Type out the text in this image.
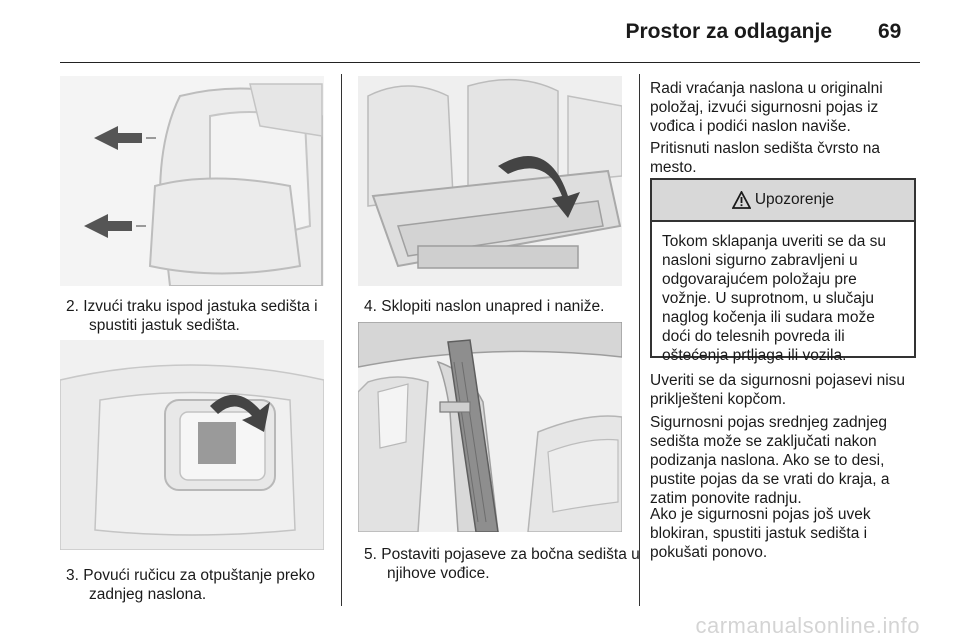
Prostor za odlaganje 69
2. Izvući traku ispod jastuka sedišta i spustiti jastuk sedišta.
3. Povući ručicu za otpuštanje preko zadnjeg naslona.
4. Sklopiti naslon unapred i naniže.
5. Postaviti pojaseve za bočna sedišta u njihove vođice.

Radi vraćanja naslona u originalni položaj, izvući sigurnosni pojas iz vođica i podići naslon naviše.

Pritisnuti naslon sedišta čvrsto na mesto.

Upozorenje
Tokom sklapanja uveriti se da su nasloni sigurno zabravljeni u odgovarajućem položaju pre vožnje. U suprotnom, u slučaju naglog kočenja ili sudara može doći do telesnih povreda ili oštećenja prtljaga ili vozila.

Uveriti se da sigurnosni pojasevi nisu priklješteni kopčom.

Sigurnosni pojas srednjeg zadnjeg sedišta može se zaključati nakon podizanja naslona. Ako se to desi, pustite pojas da se vrati do kraja, a zatim ponovite radnju.

Ako je sigurnosni pojas još uvek blokiran, spustiti jastuk sedišta i pokušati ponovo.

carmanualsonline.info
